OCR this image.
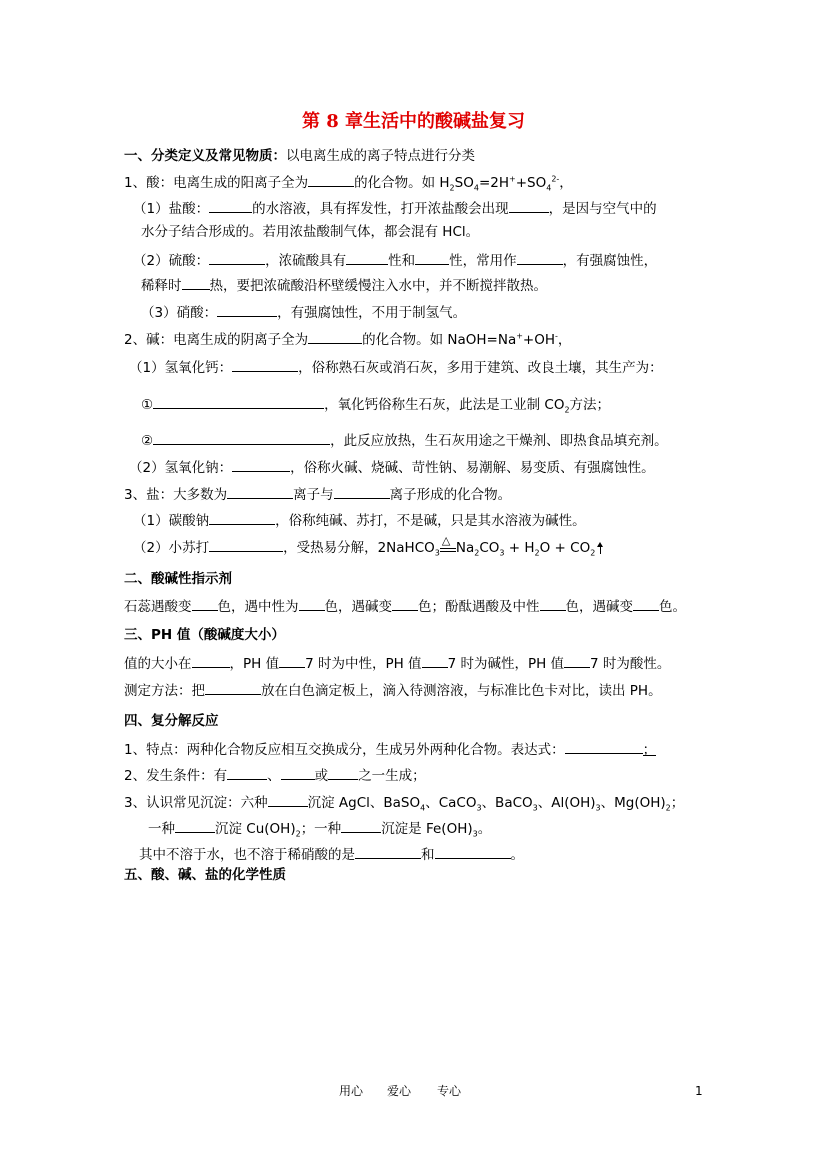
第 8 章生活中的酸碱盐复习
一、分类定义及常见物质：以电离生成的离子特点进行分类
1、酸：电离生成的阳离子全为	的化合物。如 $H_2SO_4=2H^++SO_4^{2-}$，
（1）盐酸：	的水溶液，具有挥发性，打开浓盐酸会出现	，是因与空气中的
水分子结合形成的。若用浓盐酸制气体，都会混有 HCl。
（2）硫酸：	，浓硫酸具有	性和	性，常用作	，有强腐蚀性，
稀释时 热，要把浓硫酸沿杯壁缓慢注入水中，并不断搅拌散热。
（3）硝酸：	，有强腐蚀性，不用于制氢气。
2、碱：电离生成的阴离子全为	的化合物。如 NaOH=Na++OH-，
（1）氢氧化钙：	，俗称熟石灰或消石灰，多用于建筑、改良土壤，其生产为：
①	，氧化钙俗称生石灰，此法是工业制 $CO_2$方法；
②	，此反应放热，生石灰用途之干燥剂、即热食品填充剂。
（2）氢氧化钠：	，俗称火碱、烧碱、苛性钠、易潮解、易变质、有强腐蚀性。
3、盐：大多数为	离子与	离子形成的化合物。
（1）碳酸钠	，俗称纯碱、苏打，不是碱，只是其水溶液为碱性。
（2）小苏打	，受热易分解，2NaHCO$_3$
△ $Na_2CO_3 + H_2O + CO_2$
二、酸碱性指示剂
石蕊遇酸变 色，遇中性为 色，遇碱变 色；酚酞遇酸及中性 色，遇碱变 色。
三、PH 值（酸碱度大小）
值的大小在	，PH 值 7 时为中性，PH 值 7 时为碱性，PH 值 7 时为酸性。
测定方法：把	放在白色滴定板上，滴入待测溶液，与标准比色卡对比，读出 PH。
四、复分解反应
1、特点：两种化合物反应相互交换成分，生成另外两种化合物。表达式：	；
2、发生条件：有	、	或 之一生成；
3、认识常见沉淀：六种	沉淀 AgCl、BaSO$_4$、CaCO$_3$、BaCO$_3$、$Al(OH)_3$、$Mg(OH)_2$；
一种	沉淀 $Cu(OH)_2$；一种	沉淀是 $Fe(OH)_3$。
其中不溶于水，也不溶于稀硝酸的是	和	。
五、酸、碱、盐的化学性质
用心 爱心 专心	1
